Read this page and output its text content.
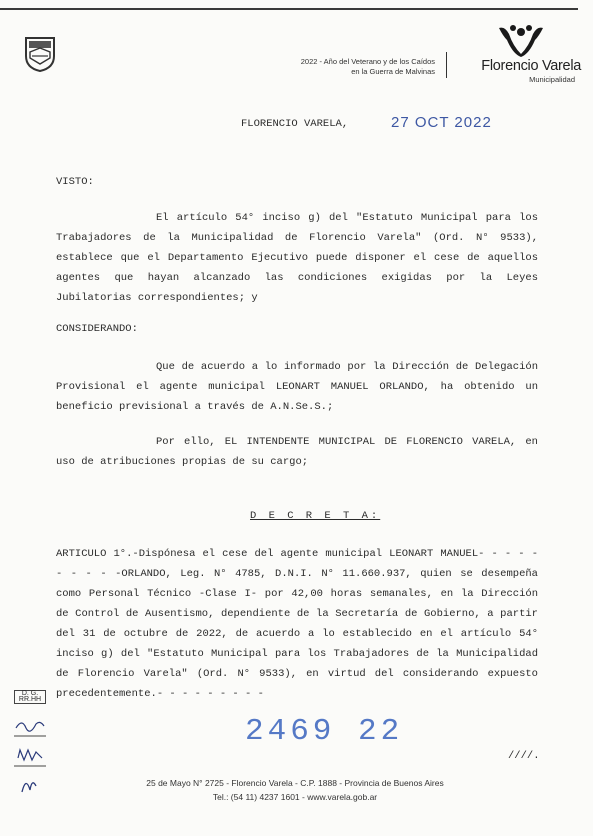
2022 - Año del Veterano y de los Caídos
en la Guerra de Malvinas	Florencio Varela
Municipalidad
FLORENCIO VARELA,	27 OCT 2022
VISTO:
El artículo 54° inciso g) del "Estatuto Municipal para los Trabajadores de la Municipalidad de Florencio Varela" (Ord. N° 9533), establece que el Departamento Ejecutivo puede disponer el cese de aquellos agentes que hayan alcanzado las condiciones exigidas por la Leyes Jubilatorias correspondientes; y
CONSIDERANDO:
Que de acuerdo a lo informado por la Dirección de Delegación Provisional el agente municipal LEONART MANUEL ORLANDO, ha obtenido un beneficio previsional a través de A.N.Se.S.;
Por ello, EL INTENDENTE MUNICIPAL DE FLORENCIO VARELA, en uso de atribuciones propias de su cargo;
D E C R E T A:
ARTICULO 1°.-Dispónesa el cese del agente municipal LEONART MANUEL- - - - - - - - - -ORLANDO, Leg. N° 4785, D.N.I. N° 11.660.937, quien se desempeña como Personal Técnico -Clase I- por 42,00 horas semanales, en la Dirección de Control de Ausentismo, dependiente de la Secretaría de Gobierno, a partir del 31 de octubre de 2022, de acuerdo a lo establecido en el artículo 54° inciso g) del "Estatuto Municipal para los Trabajadores de la Municipalidad de Florencio Varela" (Ord. N° 9533), en virtud del considerando expuesto precedentemente.- - - - - - - - -
D. G. RR.HH
2469 22
////.
25 de Mayo N° 2725 - Florencio Varela - C.P. 1888 - Provincia de Buenos Aires
Tel.: (54 11) 4237 1601 - www.varela.gob.ar
